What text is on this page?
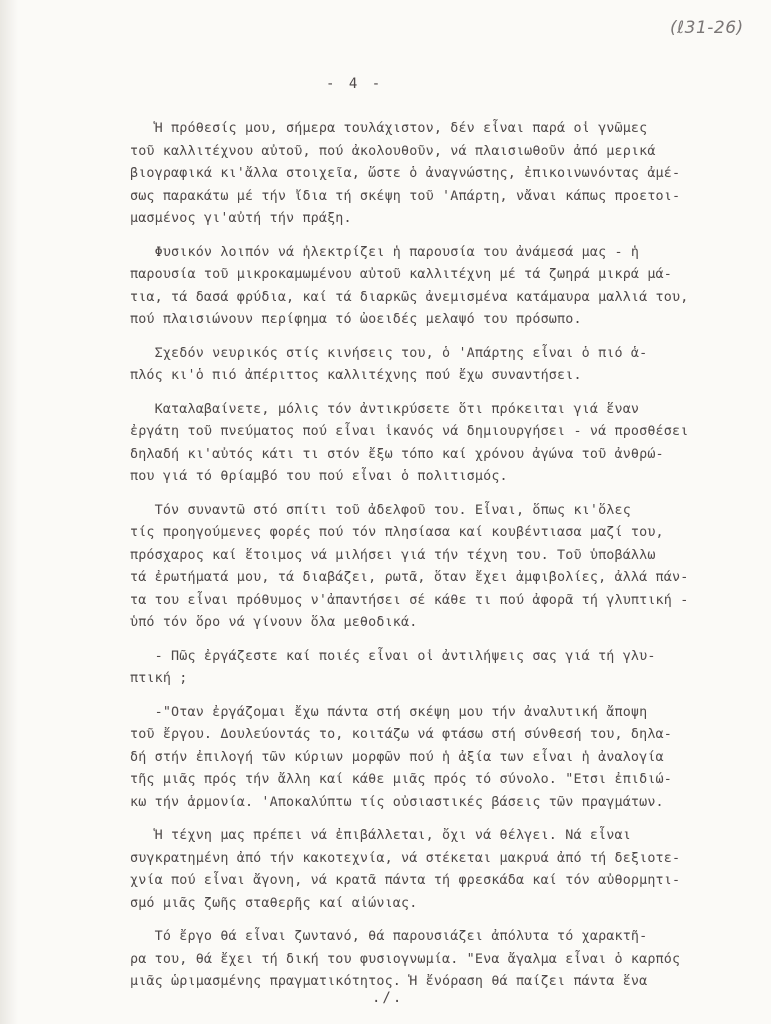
(ℓ31-26)
- 4 -
Ἡ πρόθεσίς μου, σήμερα τουλάχιστον, δέν εἶναι παρά οἱ γνῶμες
τοῦ καλλιτέχνου αὐτοῦ, πού ἀκολουθοῦν, νά πλαισιωθοῦν ἀπό μερικά
βιογραφικά κι'ἄλλα στοιχεῖα, ὥστε ὁ ἀναγνώστης, ἐπικοινωνόντας ἀμέ-
σως παρακάτω μέ τήν ἴδια τή σκέψη τοῦ 'Απάρτη, νἄναι κάπως προετοι-
μασμένος γι'αὐτή τήν πράξη.
Φυσικόν λοιπόν νά ἠλεκτρίζει ἡ παρουσία του ἀνάμεσά μας - ἡ
παρουσία τοῦ μικροκαμωμένου αὐτοῦ καλλιτέχνη μέ τά ζωηρά μικρά μά-
τια, τά δασά φρύδια, καί τά διαρκῶς ἀνεμισμένα κατάμαυρα μαλλιά του,
πού πλαισιώνουν περίφημα τό ὠοειδές μελαψό του πρόσωπο.
Σχεδόν νευρικός στίς κινήσεις του, ὁ 'Απάρτης εἶναι ὁ πιό ἁ-
πλός κι'ὁ πιό ἀπέριττος καλλιτέχνης πού ἔχω συναντήσει.
Καταλαβαίνετε, μόλις τόν ἀντικρύσετε ὅτι πρόκειται γιά ἕναν
ἐργάτη τοῦ πνεύματος πού εἶναι ἱκανός νά δημιουργήσει - νά προσθέσει
δηλαδή κι'αὐτός κάτι τι στόν ἔξω τόπο καί χρόνου ἀγώνα τοῦ ἀνθρώ-
που γιά τό θρίαμβό του πού εἶναι ὁ πολιτισμός.
Τόν συναντῶ στό σπίτι τοῦ ἀδελφοῦ του. Εἶναι, ὅπως κι'ὅλες
τίς προηγούμενες φορές πού τόν πλησίασα καί κουβέντιασα μαζί του,
πρόσχαρος καί ἕτοιμος νά μιλήσει γιά τήν τέχνη του. Τοῦ ὑποβάλλω
τά ἐρωτήματά μου, τά διαβάζει, ρωτᾶ, ὅταν ἔχει ἀμφιβολίες, ἀλλά πάν-
τα του εἶναι πρόθυμος ν'ἀπαντήσει σέ κάθε τι πού ἀφορᾶ τή γλυπτική -
ὑπό τόν ὅρο νά γίνουν ὅλα μεθοδικά.
- Πῶς ἐργάζεστε καί ποιές εἶναι οἱ ἀντιλήψεις σας γιά τή γλυ-
πτική ;
-"Οταν ἐργάζομαι ἔχω πάντα στή σκέψη μου τήν ἀναλυτική ἄποψη
τοῦ ἔργου. Δουλεύοντάς το, κοιτάζω νά φτάσω στή σύνθεσή του, δηλα-
δή στήν ἐπιλογή τῶν κύριων μορφῶν πού ἡ ἀξία των εἶναι ἡ ἀναλογία
τῆς μιᾶς πρός τήν ἄλλη καί κάθε μιᾶς πρός τό σύνολο. "Ετσι ἐπιδιώ-
κω τήν ἁρμονία. 'Αποκαλύπτω τίς οὐσιαστικές βάσεις τῶν πραγμάτων.
Ἡ τέχνη μας πρέπει νά ἐπιβάλλεται, ὄχι νά θέλγει. Νά εἶναι
συγκρατημένη ἀπό τήν κακοτεχνία, νά στέκεται μακρυά ἀπό τή δεξιοτε-
χνία πού εἶναι ἄγονη, νά κρατᾶ πάντα τή φρεσκάδα καί τόν αὐθορμητι-
σμό μιᾶς ζωῆς σταθερῆς καί αἰώνιας.
Τό ἔργο θά εἶναι ζωντανό, θά παρουσιάζει ἀπόλυτα τό χαρακτῆ-
ρα του, θά ἔχει τή δική του φυσιογνωμία. "Ενα ἄγαλμα εἶναι ὁ καρπός
μιᾶς ὡριμασμένης πραγματικότητος. Ἡ ἔνόραση θά παίζει πάντα ἕνα
./.
